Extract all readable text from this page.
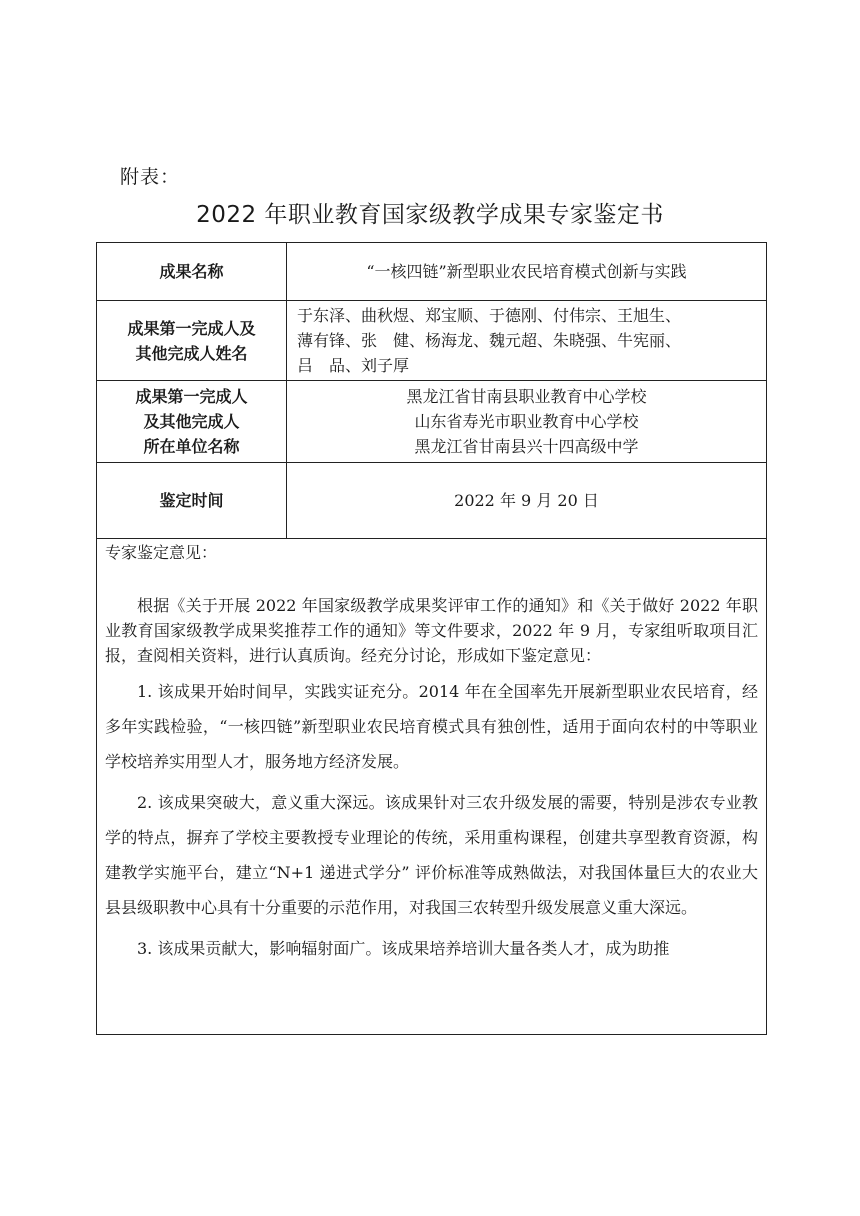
附表：
2022 年职业教育国家级教学成果专家鉴定书
成果名称	“一核四链”新型职业农民培育模式创新与实践
成果第一完成人及
其他完成人姓名
于东泽、曲秋煜、郑宝顺、于德刚、付伟宗、王旭生、
薄有锋、张　健、杨海龙、魏元超、朱晓强、牛宪丽、
吕　品、刘子厚
成果第一完成人
及其他完成人
所在单位名称
黑龙江省甘南县职业教育中心学校
山东省寿光市职业教育中心学校
黑龙江省甘南县兴十四高级中学
鉴定时间	2022 年 9 月 20 日
专家鉴定意见：
根据《关于开展 2022 年国家级教学成果奖评审工作的通知》和《关于做好 2022 年职业教育国家级教学成果奖推荐工作的通知》等文件要求，2022 年 9 月，专家组听取项目汇报，查阅相关资料，进行认真质询。经充分讨论，形成如下鉴定意见：
1. 该成果开始时间早，实践实证充分。2014 年在全国率先开展新型职业农民培育，经多年实践检验，“一核四链”新型职业农民培育模式具有独创性，适用于面向农村的中等职业学校培养实用型人才，服务地方经济发展。
2. 该成果突破大，意义重大深远。该成果针对三农升级发展的需要，特别是涉农专业教学的特点，摒弃了学校主要教授专业理论的传统，采用重构课程，创建共享型教育资源，构建教学实施平台，建立“N+1 递进式学分” 评价标准等成熟做法，对我国体量巨大的农业大县县级职教中心具有十分重要的示范作用，对我国三农转型升级发展意义重大深远。
3. 该成果贡献大，影响辐射面广。该成果培养培训大量各类人才，成为助推
